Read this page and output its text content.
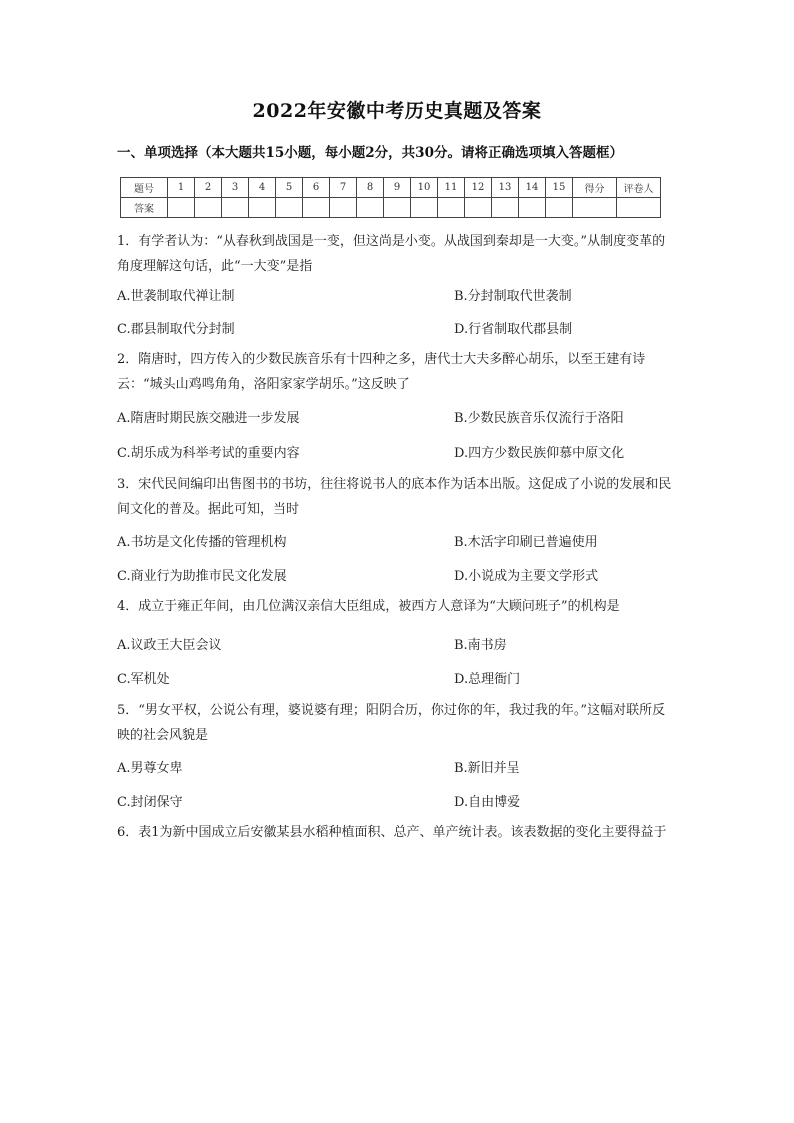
2022年安徽中考历史真题及答案
一、单项选择（本大题共15小题，每小题2分，共30分。请将正确选项填入答题框）
题号	1	2	3	4	5	6	7	8	9	10	11	12	13	14	15	得分	评卷人
答案																	
1．有学者认为：“从春秋到战国是一变，但这尚是小变。从战国到秦却是一大变。”从制度变革的角度理解这句话，此“一大变”是指
A.世袭制取代禅让制	B.分封制取代世袭制
C.郡县制取代分封制	D.行省制取代郡县制
2．隋唐时，四方传入的少数民族音乐有十四种之多，唐代士大夫多醉心胡乐，以至王建有诗云：“城头山鸡鸣角角，洛阳家家学胡乐。”这反映了
A.隋唐时期民族交融进一步发展	B.少数民族音乐仅流行于洛阳
C.胡乐成为科举考试的重要内容	D.四方少数民族仰慕中原文化
3．宋代民间编印出售图书的书坊，往往将说书人的底本作为话本出版。这促成了小说的发展和民间文化的普及。据此可知，当时
A.书坊是文化传播的管理机构	B.木活字印刷已普遍使用
C.商业行为助推市民文化发展	D.小说成为主要文学形式
4．成立于雍正年间，由几位满汉亲信大臣组成，被西方人意译为“大顾问班子”的机构是
A.议政王大臣会议	B.南书房
C.军机处	D.总理衙门
5．“男女平权，公说公有理，婆说婆有理；阳阴合历，你过你的年，我过我的年。”这幅对联所反映的社会风貌是
A.男尊女卑	B.新旧并呈
C.封闭保守	D.自由博爱
6．表1为新中国成立后安徽某县水稻种植面积、总产、单产统计表。该表数据的变化主要得益于
